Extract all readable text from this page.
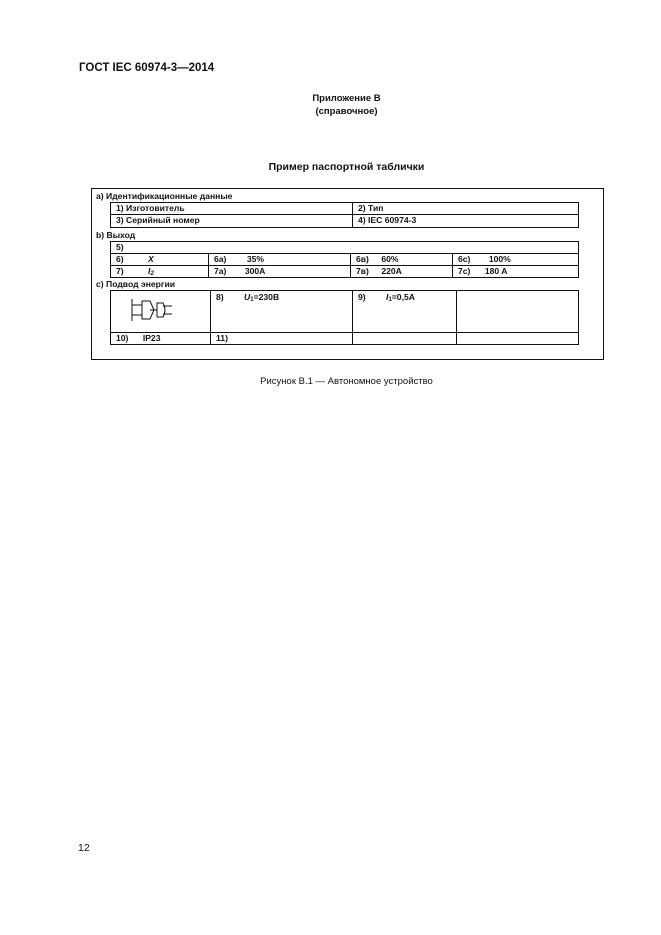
ГОСТ IEC 60974-3—2014
Приложение B
(справочное)
Пример паспортной таблички
a) Идентификационные данные
1) Изготовитель	2) Тип
3) Серийный номер	4) IEC 60974-3
b) Выход
5)
6)	X	6a) 35%	6в) 60%	6c) 100%
7)	$I_2$	7a) 300A	7в) 220A	7c) 180 A
c) Подвод энергии
8) $U_1=230B$	9) $I_1=0,5A$
10) IP23	11)
Рисунок В.1 — Автономное устройство
12
